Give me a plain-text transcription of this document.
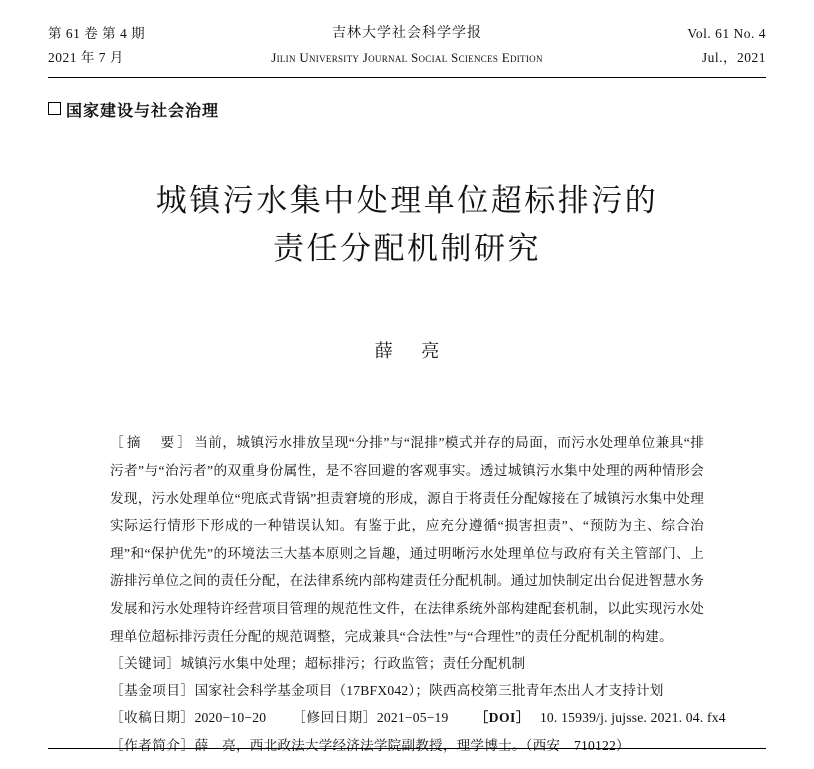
第 61 卷 第 4 期
2021 年 7 月
吉林大学社会科学学报
Jilin University Journal Social Sciences Edition
Vol. 61 No. 4
Jul.，2021
国家建设与社会治理
城镇污水集中处理单位超标排污的
责任分配机制研究
薛 亮
［摘　要］当前，城镇污水排放呈现“分排”与“混排”模式并存的局面，而污水处理单位兼具“排污者”与“治污者”的双重身份属性，是不容回避的客观事实。透过城镇污水集中处理的两种情形会发现，污水处理单位“兜底式背锅”担责窘境的形成，源自于将责任分配嫁接在了城镇污水集中处理实际运行情形下形成的一种错误认知。有鉴于此，应充分遵循“损害担责”、“预防为主、综合治理”和“保护优先”的环境法三大基本原则之旨趣，通过明晰污水处理单位与政府有关主管部门、上游排污单位之间的责任分配，在法律系统内部构建责任分配机制。通过加快制定出台促进智慧水务发展和污水处理特许经营项目管理的规范性文件，在法律系统外部构建配套机制，以此实现污水处理单位超标排污责任分配的规范调整，完成兼具“合法性”与“合理性”的责任分配机制的构建。
［关键词］城镇污水集中处理；超标排污；行政监管；责任分配机制
［基金项目］国家社会科学基金项目（17BFX042）；陕西高校第三批青年杰出人才支持计划
［收稿日期］2020−10−20 ［修回日期］2021−05−19 ［DOI］ 10. 15939/j. jujsse. 2021. 04. fx4
［作者简介］薛　亮，西北政法大学经济法学院副教授，理学博士。（西安　710122）
